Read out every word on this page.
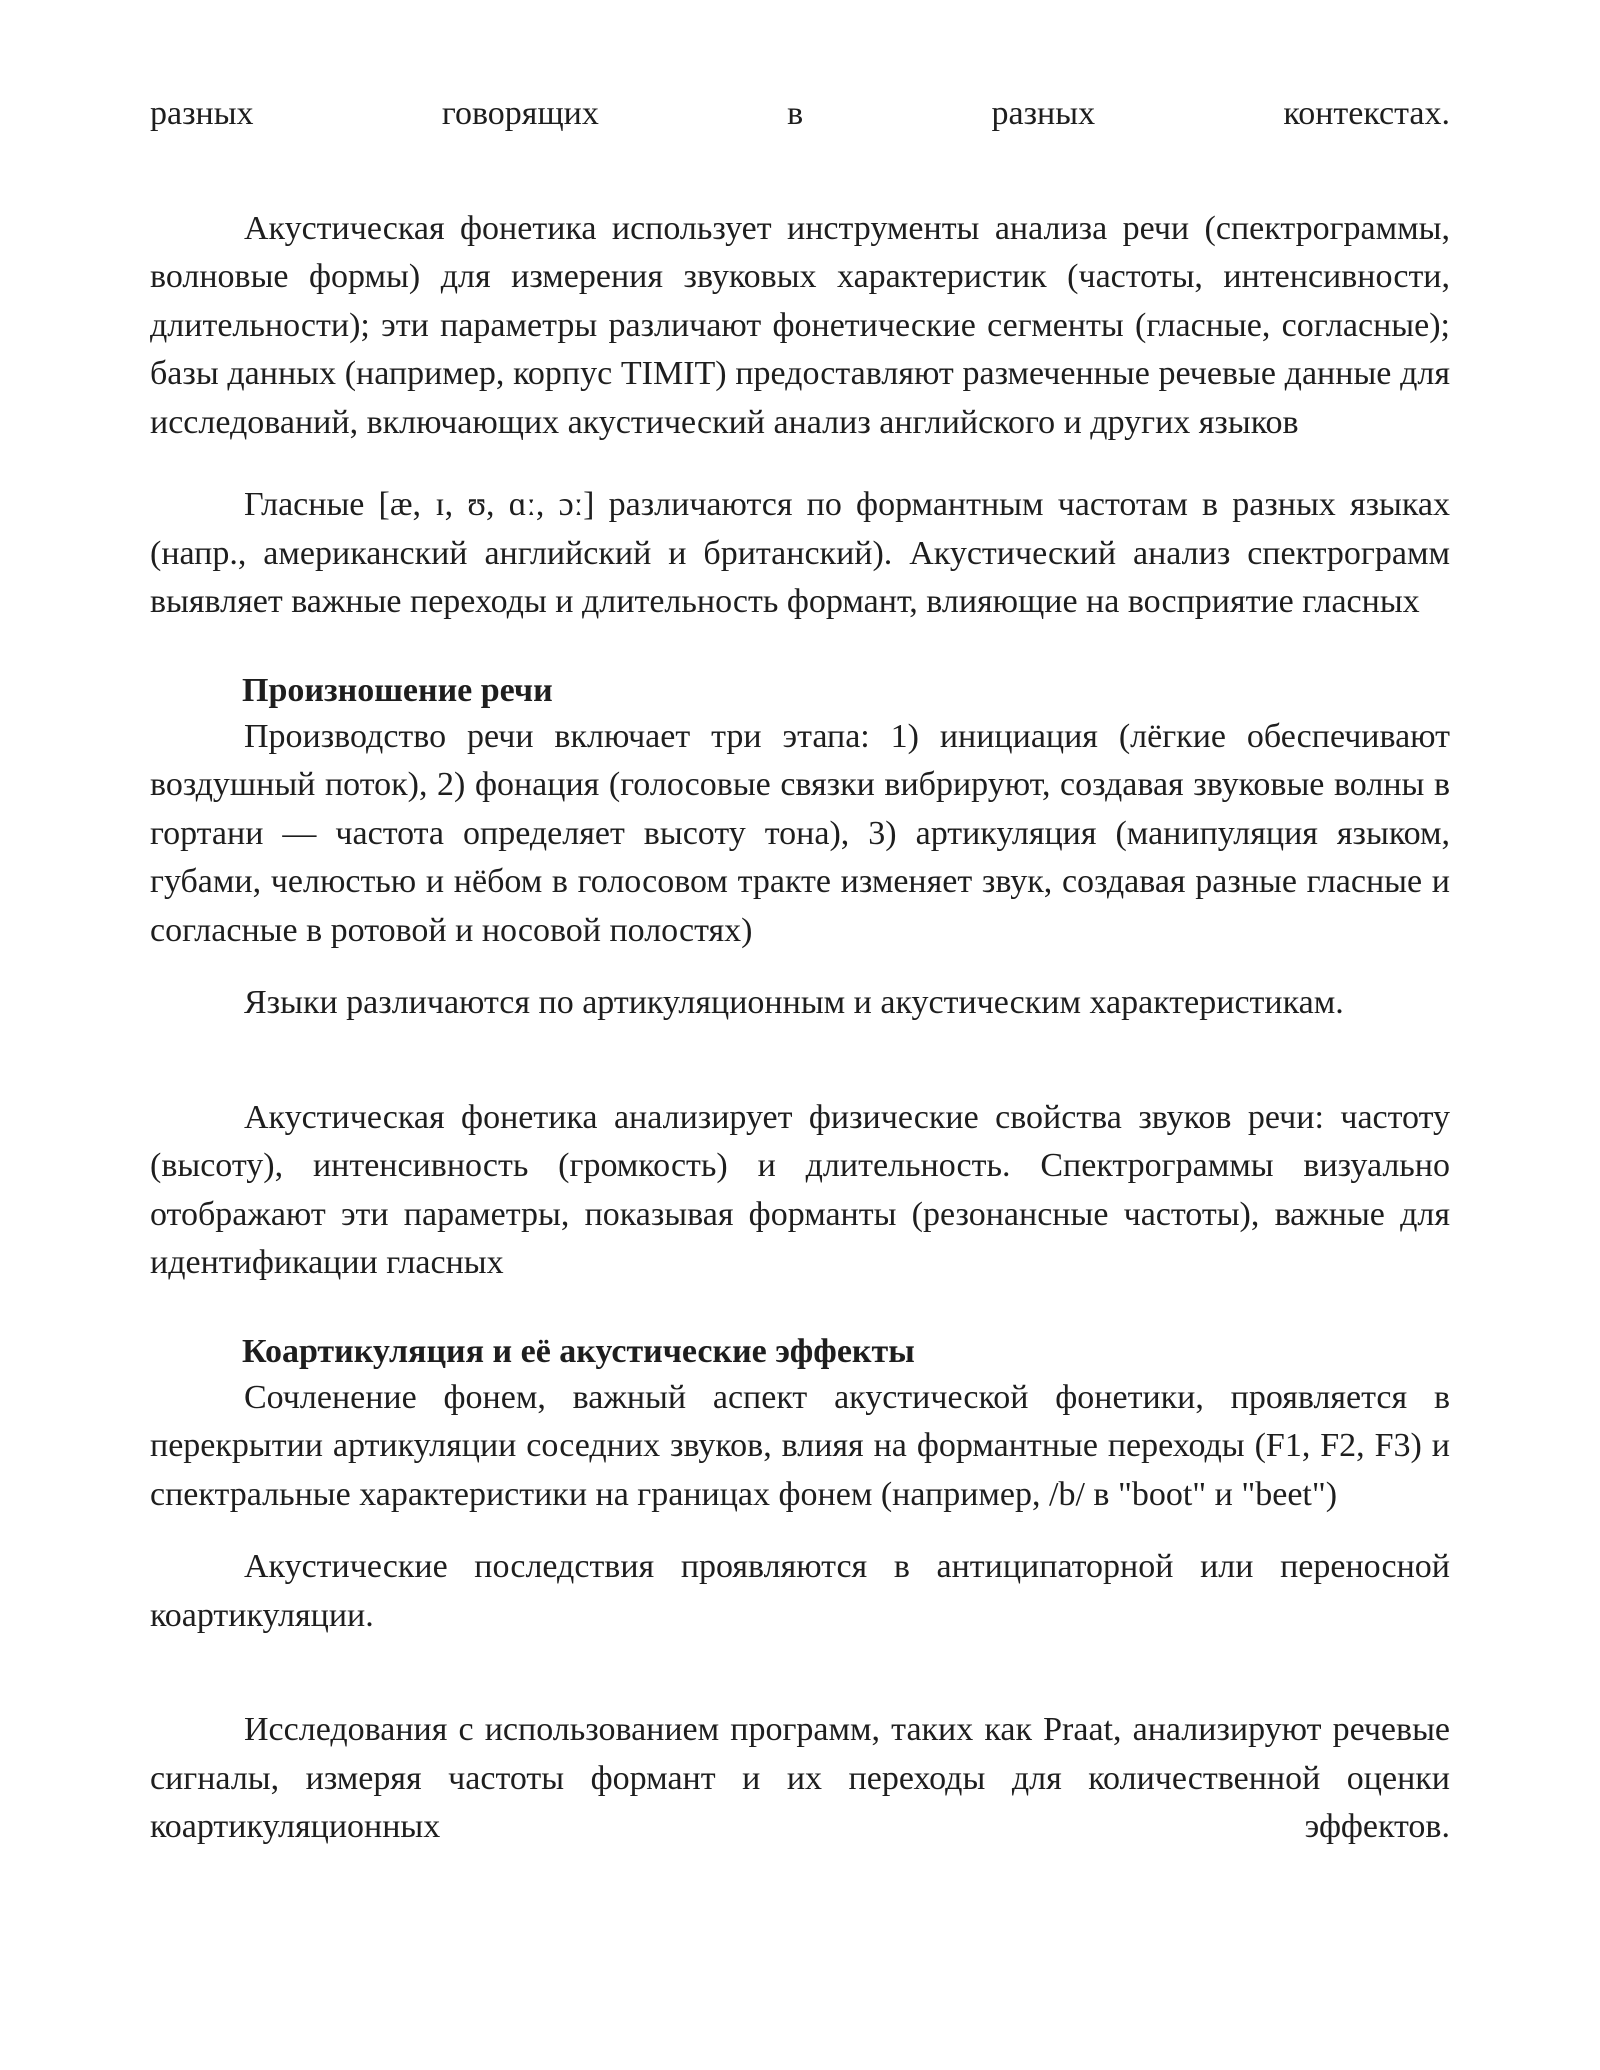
разных говорящих в разных контекстах.

Акустическая фонетика использует инструменты анализа речи (спектрограммы, волновые формы) для измерения звуковых характеристик (частоты, интенсивности, длительности); эти параметры различают фонетические сегменты (гласные, согласные); базы данных (например, корпус TIMIT) предоставляют размеченные речевые данные для исследований, включающих акустический анализ английского и других языков

Гласные [æ, ɪ, ʊ, ɑː, ɔː] различаются по формантным частотам в разных языках (напр., американский английский и британский). Акустический анализ спектрограмм выявляет важные переходы и длительность формант, влияющие на восприятие гласных

Произношение речи

Производство речи включает три этапа: 1) инициация (лёгкие обеспечивают воздушный поток), 2) фонация (голосовые связки вибрируют, создавая звуковые волны в гортани — частота определяет высоту тона), 3) артикуляция (манипуляция языком, губами, челюстью и нёбом в голосовом тракте изменяет звук, создавая разные гласные и согласные в ротовой и носовой полостях)

Языки различаются по артикуляционным и акустическим характеристикам.

Акустическая фонетика анализирует физические свойства звуков речи: частоту (высоту), интенсивность (громкость) и длительность. Спектрограммы визуально отображают эти параметры, показывая форманты (резонансные частоты), важные для идентификации гласных

Коартикуляция и её акустические эффекты

Сочленение фонем, важный аспект акустической фонетики, проявляется в перекрытии артикуляции соседних звуков, влияя на формантные переходы (F1, F2, F3) и спектральные характеристики на границах фонем (например, /b/ в "boot" и "beet")

Акустические последствия проявляются в антиципаторной или переносной коартикуляции.

Исследования с использованием программ, таких как Praat, анализируют речевые сигналы, измеряя частоты формант и их переходы для количественной оценки коартикуляционных эффектов.
